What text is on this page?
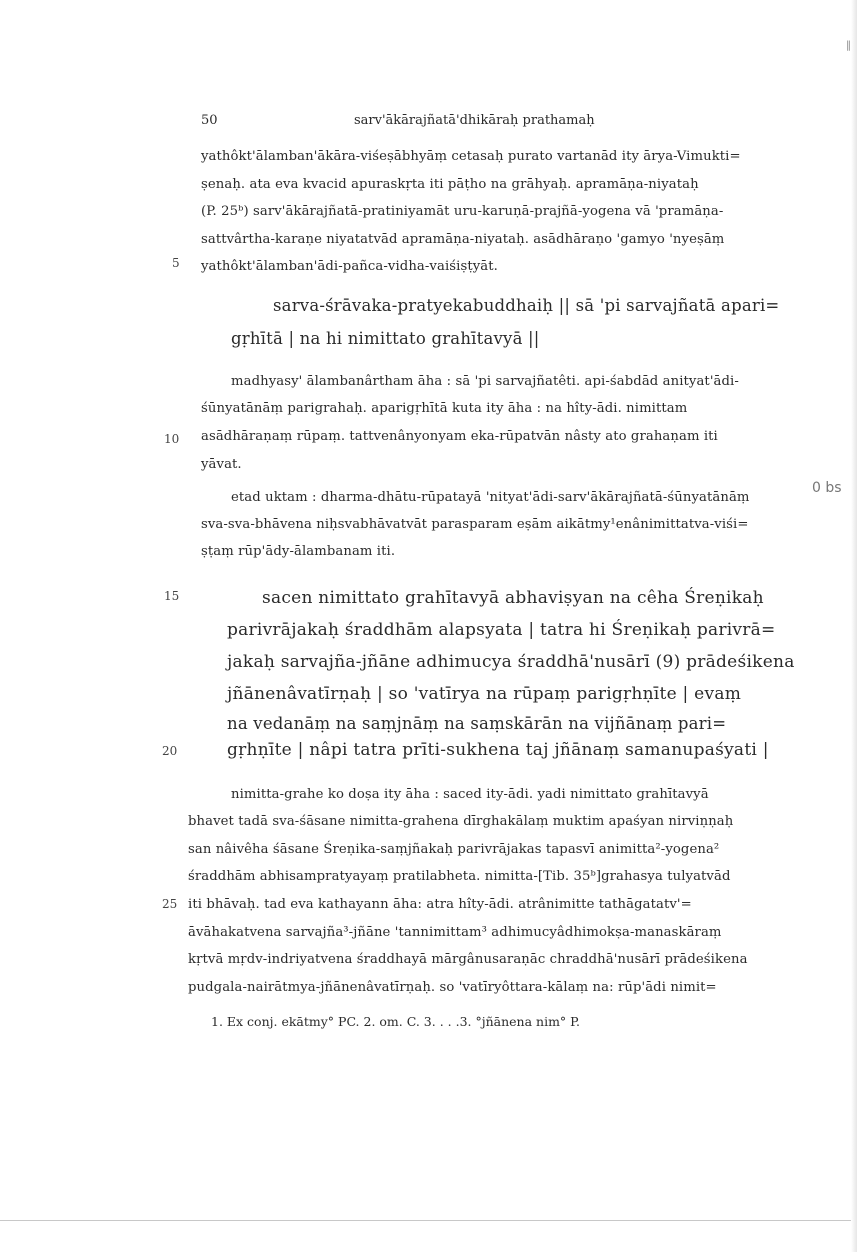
50	sarv'ākārajñatā'dhikāraḥ prathamaḥ
5
10
15
20
25
yathôkt'ālamban'ākāra-viśeṣābhyāṃ cetasaḥ purato vartanād ity ārya-Vimukti=
ṣenaḥ. ata eva kvacid apuraskṛta iti pāṭho na grāhyaḥ. apramāṇa-niyataḥ
(P. 25ᵇ) sarv'ākārajñatā-pratiniyamāt uru-karuṇā-prajñā-yogena vā 'pramāṇa-
sattvârtha-karaṇe niyatatvād apramāṇa-niyataḥ. asādhāraṇo 'gamyo 'nyeṣāṃ
yathôkt'ālamban'ādi-pañca-vidha-vaiśiṣṭyāt.
sarva-śrāvaka-pratyekabuddhaiḥ || sā 'pi sarvajñatā apari=
gṛhītā | na hi nimittato grahītavyā ||
madhyasy' ālambanârtham āha : sā 'pi sarvajñatêti. api-śabdād anityat'ādi-
śūnyatānāṃ parigrahaḥ. aparigṛhītā kuta ity āha : na hîty-ādi. nimittam
asādhāraṇaṃ rūpaṃ. tattvenânyonyam eka-rūpatvān nâsty ato grahaṇam iti
yāvat.
etad uktam : dharma-dhātu-rūpatayā 'nityat'ādi-sarv'ākārajñatā-śūnyatānāṃ
sva-sva-bhāvena niḥsvabhāvatvāt parasparam eṣām aikātmy¹enânimittatva-viśi=
ṣṭaṃ rūp'ādy-ālambanam iti.
0 bs
sacen nimittato grahītavyā abhaviṣyan na cêha Śreṇikaḥ
parivrājakaḥ śraddhām alapsyata | tatra hi Śreṇikaḥ parivrā=
jakaḥ sarvajña-jñāne adhimucya śraddhā'nusārī (9) prādeśikena
jñānenâvatīrṇaḥ | so 'vatīrya na rūpaṃ parigṛhṇīte | evaṃ
na vedanāṃ na saṃjnāṃ na saṃskārān na vijñānaṃ pari=
gṛhṇīte | nâpi tatra prīti-sukhena taj jñānaṃ samanupaśyati |
nimitta-grahe ko doṣa ity āha : saced ity-ādi. yadi nimittato grahītavyā
bhavet tadā sva-śāsane nimitta-grahena dīrghakālaṃ muktim apaśyan nirviṇṇaḥ
san nâivêha śāsane Śreṇika-saṃjñakaḥ parivrājakas tapasvī animitta²-yogena²
śraddhām abhisampratyayaṃ pratilabheta. nimitta-[Tib. 35ᵇ]grahasya tulyatvād
iti bhāvaḥ. tad eva kathayann āha: atra hîty-ādi. atrânimitte tathāgatatv'=
āvāhakatvena sarvajña³-jñāne 'tannimittam³ adhimucyâdhimokṣa-manaskāraṃ
kṛtvā mṛdv-indriyatvena śraddhayā mārgânusaraṇāc chraddhā'nusārī prādeśikena
pudgala-nairātmya-jñānenâvatīrṇaḥ. so 'vatīryôttara-kālaṃ na: rūp'ādi nimit=
1. Ex conj. ekātmy° PC. 2. om. C. 3. . . .3. °jñānena nim° P.
‖
